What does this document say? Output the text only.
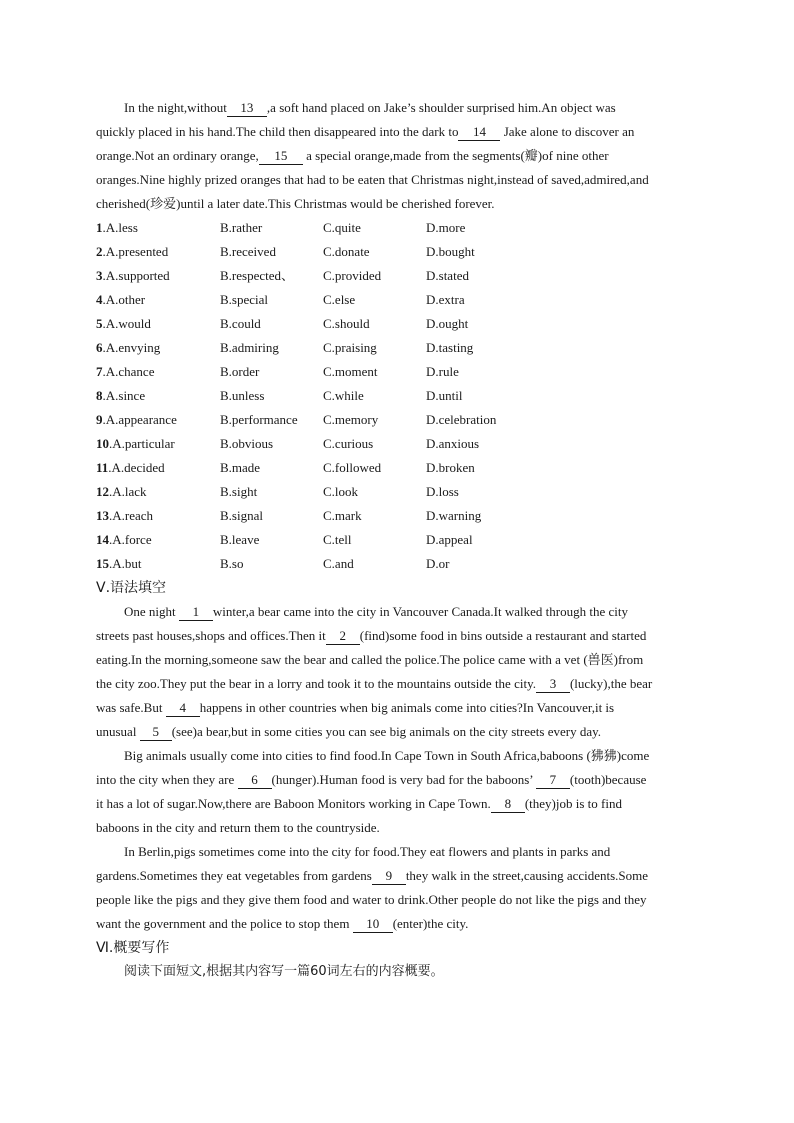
In the night,without 13 ,a soft hand placed on Jake’s shoulder surprised him.An object was
quickly placed in his hand.The child then disappeared into the dark to 14 Jake alone to discover an
orange.Not an ordinary orange, 15 a special orange,made from the segments(瓣)of nine other
oranges.Nine highly prized oranges that had to be eaten that Christmas night,instead of saved,admired,and
cherished(珍爱)until a later date.This Christmas would be cherished forever.
1.A.less	B.rather	C.quite	D.more
2.A.presented	B.received	C.donate	D.bought
3.A.supported	B.respected、 C.provided	D.stated
4.A.other	B.special	C.else	D.extra
5.A.would	B.could	C.should	D.ought
6.A.envying	B.admiring	C.praising	D.tasting
7.A.chance	B.order	C.moment	D.rule
8.A.since	B.unless	C.while	D.until
9.A.appearance	B.performance C.memory	D.celebration
10.A.particular	B.obvious	C.curious	D.anxious
11.A.decided	B.made	C.followed	D.broken
12.A.lack	B.sight	C.look	D.loss
13.A.reach	B.signal	C.mark	D.warning
14.A.force	B.leave	C.tell	D.appeal
15.A.but	B.so	C.and	D.or
Ⅴ.语法填空
One night 1 winter,a bear came into the city in Vancouver Canada.It walked through the city
streets past houses,shops and offices.Then it 2 (find)some food in bins outside a restaurant and started
eating.In the morning,someone saw the bear and called the police.The police came with a vet (兽医)from
the city zoo.They put the bear in a lorry and took it to the mountains outside the city. 3 (lucky),the bear
was safe.But 4 happens in other countries when big animals come into cities?In Vancouver,it is
unusual 5 (see)a bear,but in some cities you can see big animals on the city streets every day.
Big animals usually come into cities to find food.In Cape Town in South Africa,baboons (狒狒)come
into the city when they are 6 (hunger).Human food is very bad for the baboons’ 7 (tooth)because
it has a lot of sugar.Now,there are Baboon Monitors working in Cape Town. 8 (they)job is to find
baboons in the city and return them to the countryside.
In Berlin,pigs sometimes come into the city for food.They eat flowers and plants in parks and
gardens.Sometimes they eat vegetables from gardens 9 they walk in the street,causing accidents.Some
people like the pigs and they give them food and water to drink.Other people do not like the pigs and they
want the government and the police to stop them 10 (enter)the city.
Ⅵ.概要写作
阅读下面短文,根据其内容写一篇60词左右的内容概要。
